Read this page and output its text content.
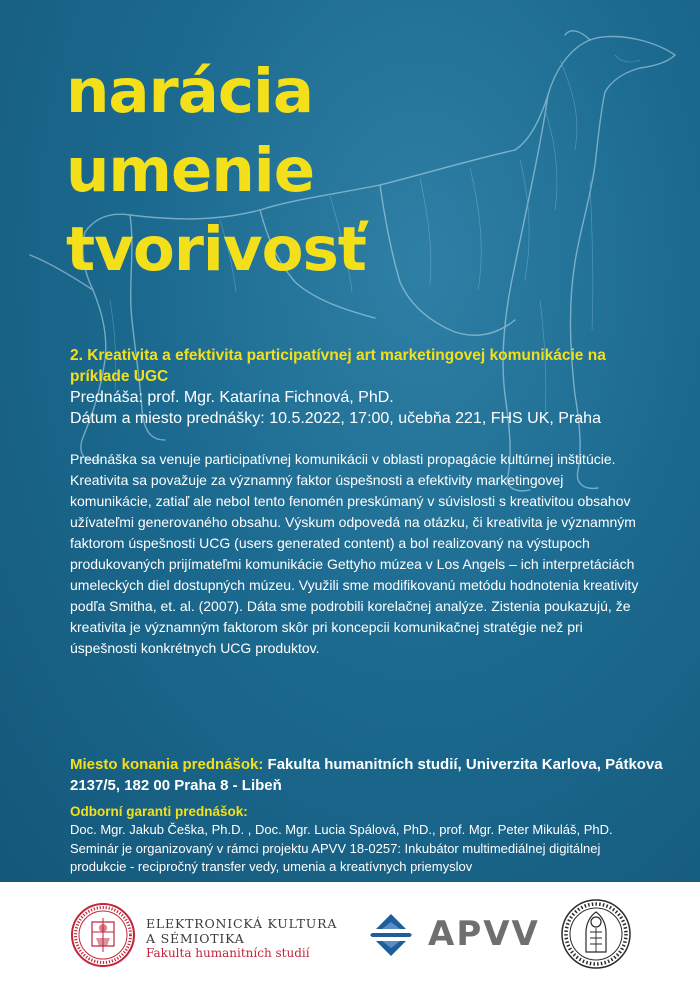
narácia
umenie
tvorivosť

2. Kreativita a efektivita participatívnej art marketingovej komunikácie na príklade UGC

Prednáša: prof. Mgr. Katarína Fichnová, PhD.

Dátum a miesto prednášky: 10.5.2022, 17:00, učebňa 221, FHS UK, Praha

Prednáška sa venuje participatívnej komunikácii v oblasti propagácie kultúrnej inštitúcie. Kreativita sa považuje za významný faktor úspešnosti a efektivity marketingovej komunikácie, zatiaľ ale nebol tento fenomén preskúmaný v súvislosti s kreativitou obsahov užívateľmi generovaného obsahu. Výskum odpovedá na otázku, či kreativita je významným faktorom úspešnosti UCG (users generated content) a bol realizovaný na výstupoch produkovaných prijímateľmi komunikácie Gettyho múzea v Los Angels – ich interpretáciách umeleckých diel dostupných múzeu. Využili sme modifikovanú metódu hodnotenia kreativity podľa Smitha, et. al. (2007). Dáta sme podrobili korelačnej analýze. Zistenia poukazujú, že kreativita je významným faktorom skôr pri koncepcii komunikačnej stratégie než pri úspešnosti konkrétnych UCG produktov.

Miesto konania prednášok: Fakulta humanitních studií, Univerzita Karlova, Pátkova 2137/5, 182 00 Praha 8 - Libeň

Odborní garanti prednášok:

Doc. Mgr. Jakub Češka, Ph.D. , Doc. Mgr. Lucia Spálová, PhD., prof. Mgr. Peter Mikuláš, PhD.

Seminár je organizovaný v rámci projektu APVV 18-0257: Inkubátor multimediálnej digitálnej produkcie - recipročný transfer vedy, umenia a kreatívnych priemyslov

ELEKTRONICKÁ KULTURA
A SÉMIOTIKA
Fakulta humanitních studií	APVV
